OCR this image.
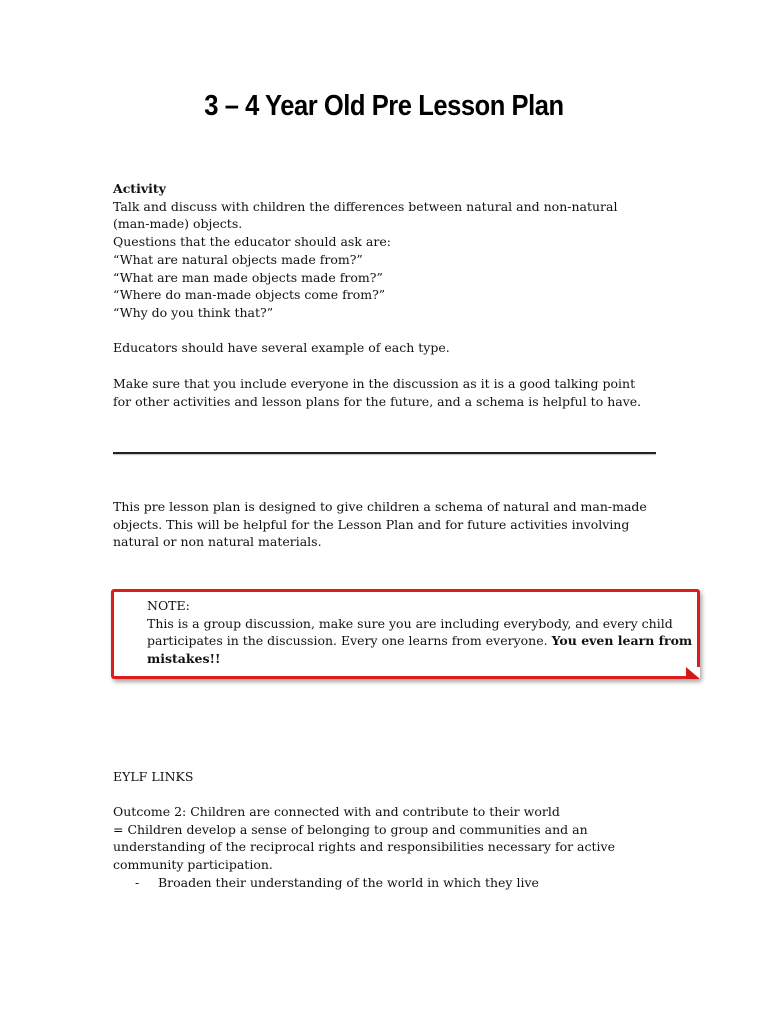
3 – 4 Year Old Pre Lesson Plan
Activity
Talk and discuss with children the differences between natural and non-natural
(man-made) objects.
Questions that the educator should ask are:
“What are natural objects made from?”
“What are man made objects made from?”
“Where do man-made objects come from?”
“Why do you think that?”
Educators should have several example of each type.
Make sure that you include everyone in the discussion as it is a good talking point
for other activities and lesson plans for the future, and a schema is helpful to have.
This pre lesson plan is designed to give children a schema of natural and man-made
objects. This will be helpful for the Lesson Plan and for future activities involving
natural or non natural materials.
NOTE:
This is a group discussion, make sure you are including everybody, and every child
participates in the discussion. Every one learns from everyone. You even learn from
mistakes!!
EYLF LINKS
Outcome 2: Children are connected with and contribute to their world
= Children develop a sense of belonging to group and communities and an
understanding of the reciprocal rights and responsibilities necessary for active
community participation.
- Broaden their understanding of the world in which they live
